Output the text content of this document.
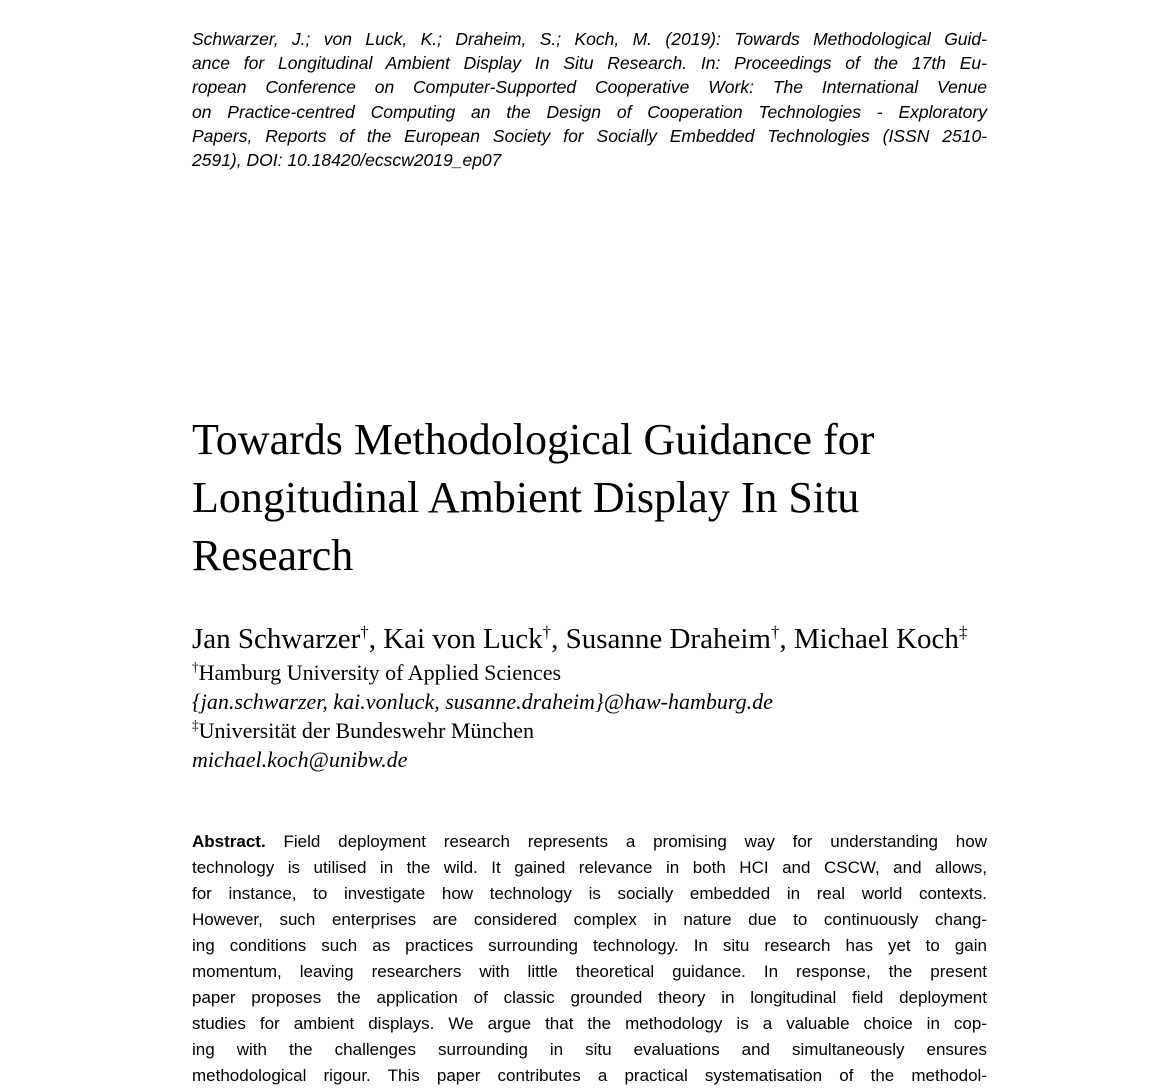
Schwarzer, J.; von Luck, K.; Draheim, S.; Koch, M. (2019): Towards Methodological Guid-
ance for Longitudinal Ambient Display In Situ Research. In: Proceedings of the 17th Eu-
ropean Conference on Computer-Supported Cooperative Work: The International Venue
on Practice-centred Computing an the Design of Cooperation Technologies - Exploratory
Papers, Reports of the European Society for Socially Embedded Technologies (ISSN 2510-
2591), DOI: 10.18420/ecscw2019_ep07
Towards Methodological Guidance for
Longitudinal Ambient Display In Situ
Research
Jan Schwarzer†, Kai von Luck†, Susanne Draheim†, Michael Koch‡
†Hamburg University of Applied Sciences
{jan.schwarzer, kai.vonluck, susanne.draheim}@haw-hamburg.de
‡Universität der Bundeswehr München
michael.koch@unibw.de
Abstract. Field deployment research represents a promising way for understanding how
technology is utilised in the wild. It gained relevance in both HCI and CSCW, and allows,
for instance, to investigate how technology is socially embedded in real world contexts.
However, such enterprises are considered complex in nature due to continuously chang-
ing conditions such as practices surrounding technology. In situ research has yet to gain
momentum, leaving researchers with little theoretical guidance. In response, the present
paper proposes the application of classic grounded theory in longitudinal field deployment
studies for ambient displays. We argue that the methodology is a valuable choice in cop-
ing with the challenges surrounding in situ evaluations and simultaneously ensures
methodological rigour. This paper contributes a practical systematisation of the methodol-
